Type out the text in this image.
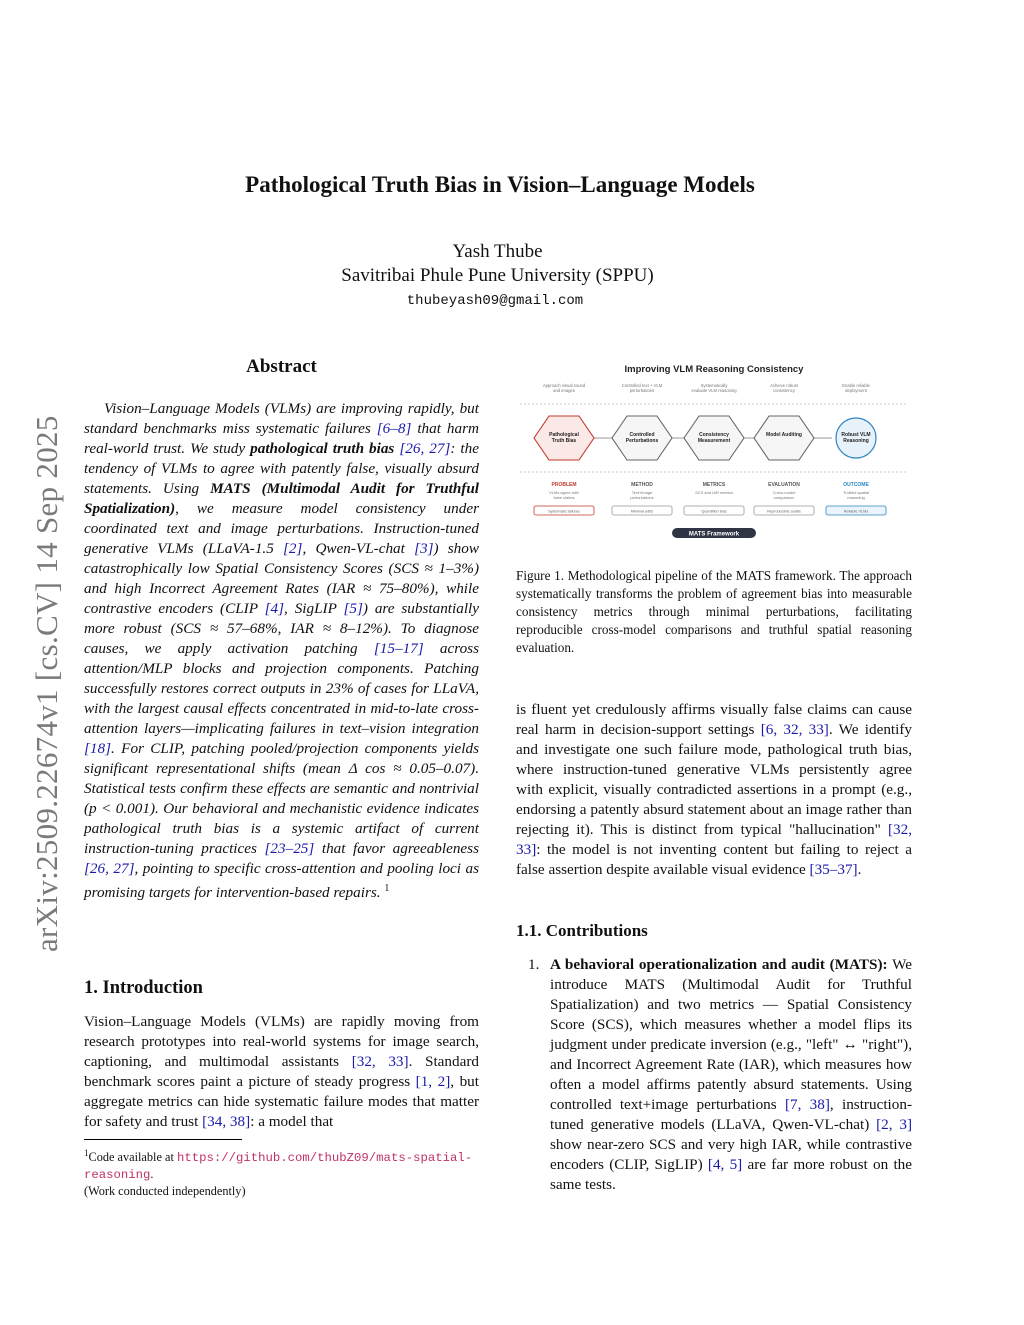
arXiv:2509.22674v1 [cs.CV] 14 Sep 2025
Pathological Truth Bias in Vision–Language Models
Yash Thube
Savitribai Phule Pune University (SPPU)
thubeyash09@gmail.com
Abstract
Vision–Language Models (VLMs) are improving rapidly, but standard benchmarks miss systematic failures [6–8] that harm real-world trust. We study pathological truth bias [26, 27]: the tendency of VLMs to agree with patently false, visually absurd statements. Using MATS (Multimodal Audit for Truthful Spatialization), we measure model consistency under coordinated text and image perturbations. Instruction-tuned generative VLMs (LLaVA-1.5 [2], Qwen-VL-chat [3]) show catastrophically low Spatial Consistency Scores (SCS ≈ 1–3%) and high Incorrect Agreement Rates (IAR ≈ 75–80%), while contrastive encoders (CLIP [4], SigLIP [5]) are substantially more robust (SCS ≈ 57–68%, IAR ≈ 8–12%). To diagnose causes, we apply activation patching [15–17] across attention/MLP blocks and projection components. Patching successfully restores correct outputs in 23% of cases for LLaVA, with the largest causal effects concentrated in mid-to-late cross-attention layers—implicating failures in text–vision integration [18]. For CLIP, patching pooled/projection components yields significant representational shifts (mean Δ cos ≈ 0.05–0.07). Statistical tests confirm these effects are semantic and nontrivial (p < 0.001). Our behavioral and mechanistic evidence indicates pathological truth bias is a systemic artifact of current instruction-tuning practices [23–25] that favor agreeableness [26, 27], pointing to specific cross-attention and pooling loci as promising targets for intervention-based repairs. $^1$
1. Introduction
Vision–Language Models (VLMs) are rapidly moving from research prototypes into real-world systems for image search, captioning, and multimodal assistants [32, 33]. Standard benchmark scores paint a picture of steady progress [1, 2], but aggregate metrics can hide systematic failure modes that matter for safety and trust [34, 38]: a model that
$^1$Code available at https://github.com/thubZ09/mats-spatial-reasoning.
(Work conducted independently)
Improving VLM Reasoning Consistency
Approach visual sound and images
Pathological Truth Bias
PROBLEM
VLMs agree with false claims
Systematic failures
Controlled text + VLM perturbations
Controlled Perturbations
METHOD
Text+image perturbations
Minimal edits
Systematically evaluate VLM reasoning
Consistency Measurement
METRICS
SCS and IAR metrics
Quantified bias
Achieve robust consistency
Model Auditing
EVALUATION
Cross-model comparison
Reproducible audits
Enable reliable deployment
Robust VLM Reasoning
OUTCOME
Truthful spatial reasoning
Reliable VLMs
MATS Framework
Figure 1. Methodological pipeline of the MATS framework. The approach systematically transforms the problem of agreement bias into measurable consistency metrics through minimal perturbations, facilitating reproducible cross-model comparisons and truthful spatial reasoning evaluation.
is fluent yet credulously affirms visually false claims can cause real harm in decision-support settings [6, 32, 33]. We identify and investigate one such failure mode, pathological truth bias, where instruction-tuned generative VLMs persistently agree with explicit, visually contradicted assertions in a prompt (e.g., endorsing a patently absurd statement about an image rather than rejecting it). This is distinct from typical "hallucination" [32, 33]: the model is not inventing content but failing to reject a false assertion despite available visual evidence [35–37].
1.1. Contributions
1. A behavioral operationalization and audit (MATS): We introduce MATS (Multimodal Audit for Truthful Spatialization) and two metrics — Spatial Consistency Score (SCS), which measures whether a model flips its judgment under predicate inversion (e.g., "left" ↔ "right"), and Incorrect Agreement Rate (IAR), which measures how often a model affirms patently absurd statements. Using controlled text+image perturbations [7, 38], instruction-tuned generative models (LLaVA, Qwen-VL-chat) [2, 3] show near-zero SCS and very high IAR, while contrastive encoders (CLIP, SigLIP) [4, 5] are far more robust on the same tests.
